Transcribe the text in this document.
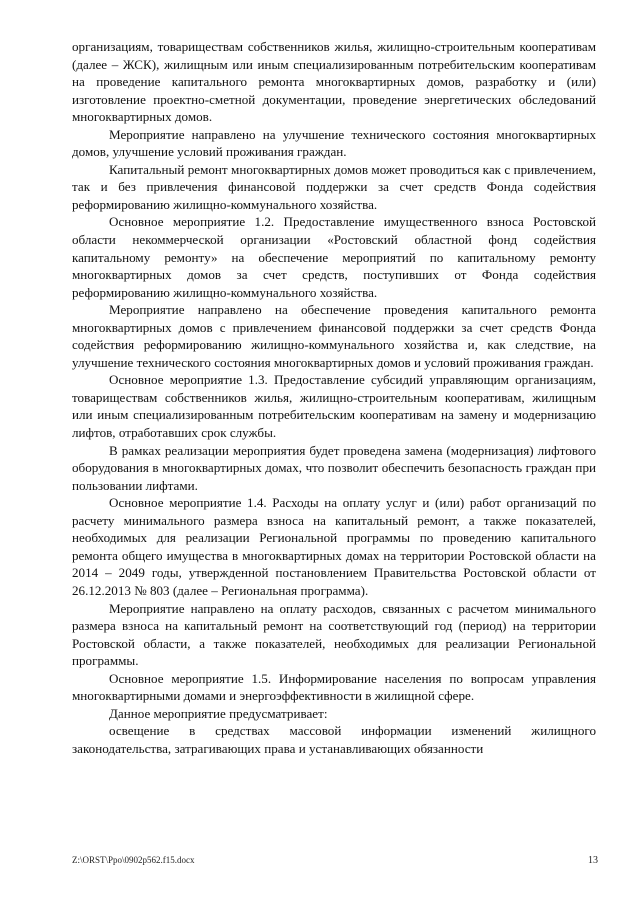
организациям, товариществам собственников жилья, жилищно-строительным кооперативам (далее – ЖСК), жилищным или иным специализированным потребительским кооперативам на проведение капитального ремонта многоквартирных домов, разработку и (или) изготовление проектно-сметной документации, проведение энергетических обследований многоквартирных домов.

Мероприятие направлено на улучшение технического состояния многоквартирных домов, улучшение условий проживания граждан.

Капитальный ремонт многоквартирных домов может проводиться как с привлечением, так и без привлечения финансовой поддержки за счет средств Фонда содействия реформированию жилищно-коммунального хозяйства.

Основное мероприятие 1.2. Предоставление имущественного взноса Ростовской области некоммерческой организации «Ростовский областной фонд содействия капитальному ремонту» на обеспечение мероприятий по капитальному ремонту многоквартирных домов за счет средств, поступивших от Фонда содействия реформированию жилищно-коммунального хозяйства.

Мероприятие направлено на обеспечение проведения капитального ремонта многоквартирных домов с привлечением финансовой поддержки за счет средств Фонда содействия реформированию жилищно-коммунального хозяйства и, как следствие, на улучшение технического состояния многоквартирных домов и условий проживания граждан.

Основное мероприятие 1.3. Предоставление субсидий управляющим организациям, товариществам собственников жилья, жилищно-строительным кооперативам, жилищным или иным специализированным потребительским кооперативам на замену и модернизацию лифтов, отработавших срок службы.

В рамках реализации мероприятия будет проведена замена (модернизация) лифтового оборудования в многоквартирных домах, что позволит обеспечить безопасность граждан при пользовании лифтами.

Основное мероприятие 1.4. Расходы на оплату услуг и (или) работ организаций по расчету минимального размера взноса на капитальный ремонт, а также показателей, необходимых для реализации Региональной программы по проведению капитального ремонта общего имущества в многоквартирных домах на территории Ростовской области на 2014 – 2049 годы, утвержденной постановлением Правительства Ростовской области от 26.12.2013 № 803 (далее – Региональная программа).

Мероприятие направлено на оплату расходов, связанных с расчетом минимального размера взноса на капитальный ремонт на соответствующий год (период) на территории Ростовской области, а также показателей, необходимых для реализации Региональной программы.

Основное мероприятие 1.5. Информирование населения по вопросам управления многоквартирными домами и энергоэффективности в жилищной сфере.

Данное мероприятие предусматривает:

освещение в средствах массовой информации изменений жилищного законодательства, затрагивающих права и устанавливающих обязанности

Z:\ORST\Ppo\0902p562.f15.docx	13
